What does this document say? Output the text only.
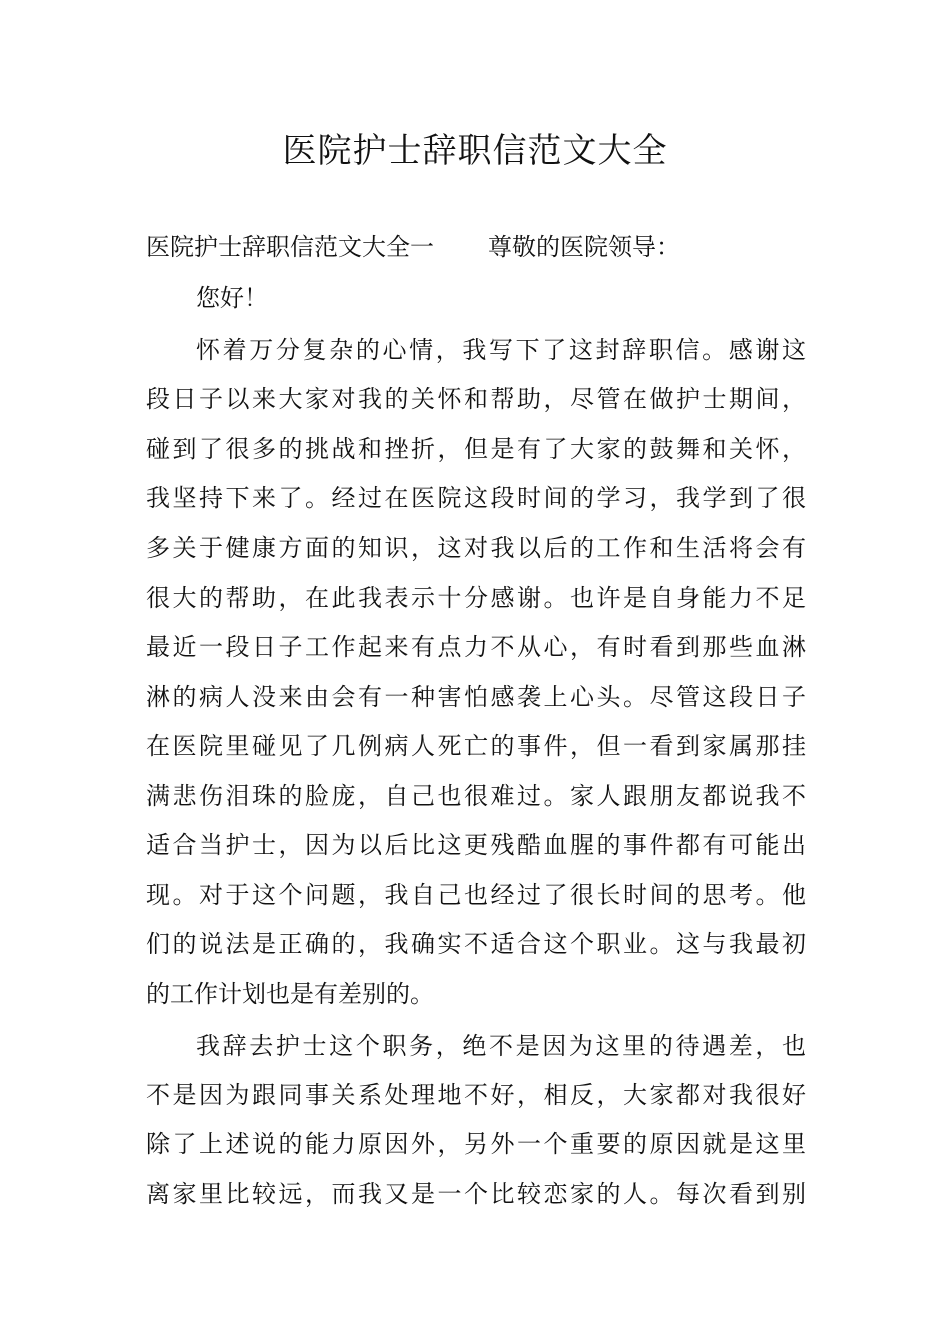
医院护士辞职信范文大全
医院护士辞职信范文大全一 尊敬的医院领导：
您好！
怀着万分复杂的心情，我写下了这封辞职信。感谢这
段日子以来大家对我的关怀和帮助，尽管在做护士期间，
碰到了很多的挑战和挫折，但是有了大家的鼓舞和关怀，
我坚持下来了。经过在医院这段时间的学习，我学到了很
多关于健康方面的知识，这对我以后的工作和生活将会有
很大的帮助，在此我表示十分感谢。也许是自身能力不足
最近一段日子工作起来有点力不从心，有时看到那些血淋
淋的病人没来由会有一种害怕感袭上心头。尽管这段日子
在医院里碰见了几例病人死亡的事件，但一看到家属那挂
满悲伤泪珠的脸庞，自己也很难过。家人跟朋友都说我不
适合当护士，因为以后比这更残酷血腥的事件都有可能出
现。对于这个问题，我自己也经过了很长时间的思考。他
们的说法是正确的，我确实不适合这个职业。这与我最初
的工作计划也是有差别的。
我辞去护士这个职务，绝不是因为这里的待遇差，也
不是因为跟同事关系处理地不好，相反，大家都对我很好
除了上述说的能力原因外，另外一个重要的原因就是这里
离家里比较远，而我又是一个比较恋家的人。每次看到别
